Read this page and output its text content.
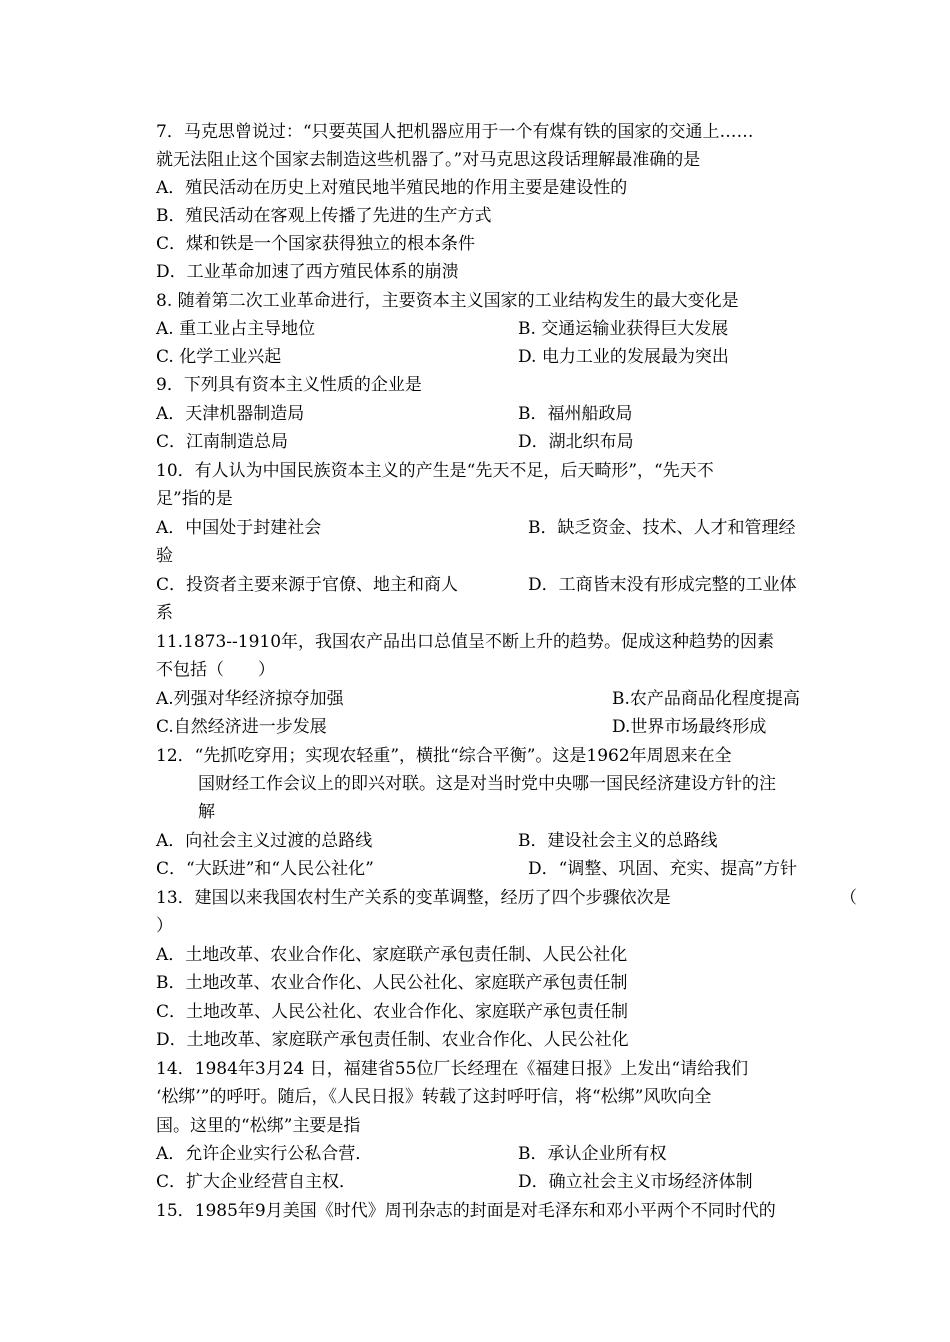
7．马克思曾说过：“只要英国人把机器应用于一个有煤有铁的国家的交通上……
就无法阻止这个国家去制造这些机器了。”对马克思这段话理解最准确的是
A．殖民活动在历史上对殖民地半殖民地的作用主要是建设性的
B．殖民活动在客观上传播了先进的生产方式
C．煤和铁是一个国家获得独立的根本条件
D．工业革命加速了西方殖民体系的崩溃
8. 随着第二次工业革命进行，主要资本主义国家的工业结构发生的最大变化是
A. 重工业占主导地位	B. 交通运输业获得巨大发展
C. 化学工业兴起	D. 电力工业的发展最为突出
9．下列具有资本主义性质的企业是
A．天津机器制造局	B．福州船政局
C．江南制造总局	D．湖北织布局
10．有人认为中国民族资本主义的产生是“先天不足，后天畸形”，“先天不
足”指的是
A．中国处于封建社会	B．缺乏资金、技术、人才和管理经
验
C．投资者主要来源于官僚、地主和商人	D．工商皆末没有形成完整的工业体
系
11.1873--1910年，我国农产品出口总值呈不断上升的趋势。促成这种趋势的因素
不包括（　　）
A.列强对华经济掠夺加强	B.农产品商品化程度提高
C.自然经济进一步发展	D.世界市场最终形成
12．“先抓吃穿用；实现农轻重”，横批“综合平衡”。这是1962年周恩来在全
国财经工作会议上的即兴对联。这是对当时党中央哪一国民经济建设方针的注
解
A．向社会主义过渡的总路线	B．建设社会主义的总路线
C．“大跃进”和“人民公社化”	D．“调整、巩固、充实、提高”方针
13．建国以来我国农村生产关系的变革调整，经历了四个步骤依次是	（
）
A．土地改革、农业合作化、家庭联产承包责任制、人民公社化
B．土地改革、农业合作化、人民公社化、家庭联产承包责任制
C．土地改革、人民公社化、农业合作化、家庭联产承包责任制
D．土地改革、家庭联产承包责任制、农业合作化、人民公社化
14．1984年3月24 日，福建省55位厂长经理在《福建日报》上发出“请给我们
‘松绑’”的呼吁。随后，《人民日报》转载了这封呼吁信，将“松绑”风吹向全
国。这里的“松绑”主要是指
A．允许企业实行公私合营．	B．承认企业所有权
C．扩大企业经营自主权．	D．确立社会主义市场经济体制
15．1985年9月美国《时代》周刊杂志的封面是对毛泽东和邓小平两个不同时代的
